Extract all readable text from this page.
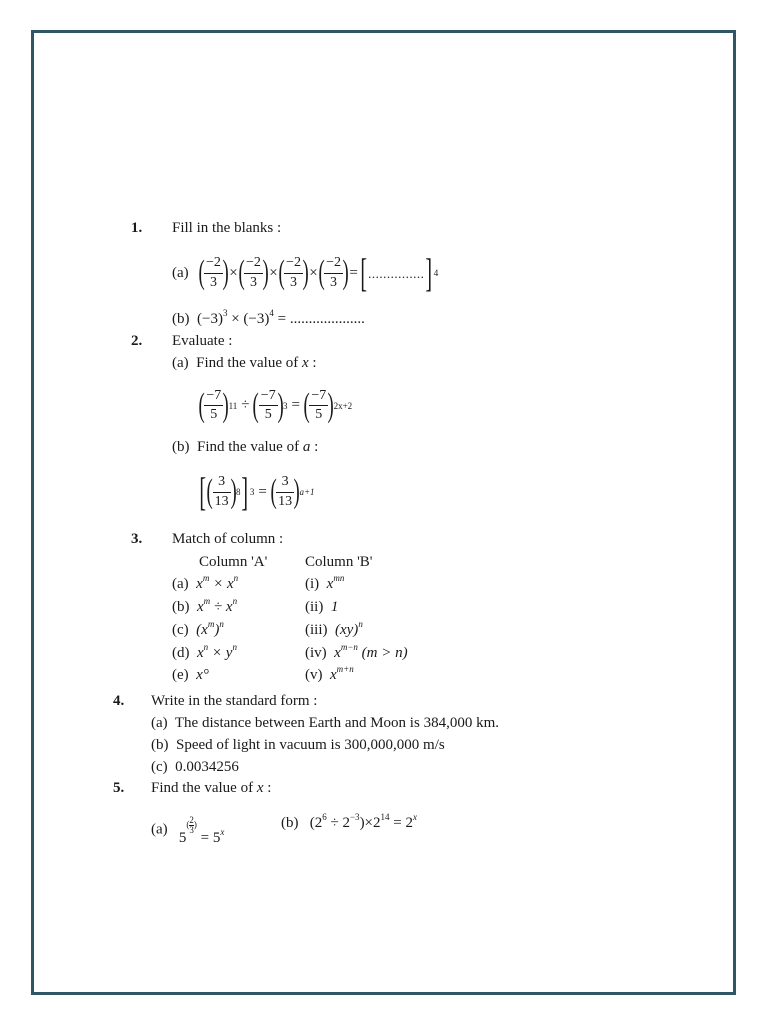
1. Fill in the blanks :
(a) ( $\frac{-2}{3}$ ) × ( $\frac{-2}{3}$ ) × ( $\frac{-2}{3}$ ) × ( $\frac{-2}{3}$ ) = [ ............... ] 4
(b) $(-3)^3 \times (-3)^4$ = ....................
2. Evaluate :
(a) Find the value of x :
( $\frac{-7}{5}$ ) 11 ÷ ( $\frac{-7}{5}$ ) 3 = ( $\frac{-7}{5}$ ) 2x+2
(b) Find the value of a :
[ ( $\frac{3}{13}$ ) 8 ] 3 = ( $\frac{3}{13}$ ) a+1
3. Match of column :
Column 'A'	Column 'B'
(a) $x^m \times x^n$	(i) $x^{mn}$
(b) $x^m \div x^n$	(ii) 1
(c) $(x^m)^n$	(iii) (xy)$^n$
(d) $x^n \times y^n$	(iv) $x^{m-n}$ (m > n)
(e) x°	(v) $x^{m+n}$
4. Write in the standard form :
(a) The distance between Earth and Moon is 384,000 km.
(b) Speed of light in vacuum is 300,000,000 m/s
(c) 0.0034256
5. Find the value of x :
(a) $5( \frac{2}{3}$ ) = $5^x$
(b) $(2^6 \div 2^{-3})\times 2^{14} = 2^x$
